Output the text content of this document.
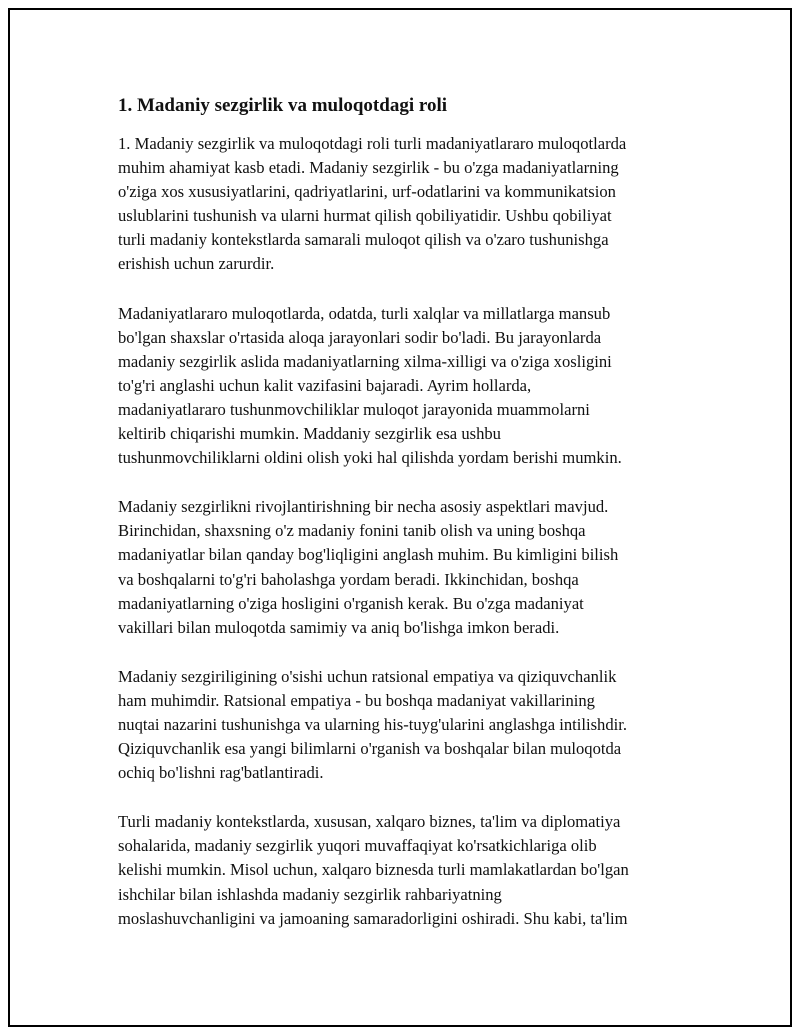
1. Madaniy sezgirlik va muloqotdagi roli

1. Madaniy sezgirlik va muloqotdagi roli turli madaniyatlararo muloqotlarda
muhim ahamiyat kasb etadi. Madaniy sezgirlik - bu o'zga madaniyatlarning
o'ziga xos xususiyatlarini, qadriyatlarini, urf-odatlarini va kommunikatsion
uslublarini tushunish va ularni hurmat qilish qobiliyatidir. Ushbu qobiliyat
turli madaniy kontekstlarda samarali muloqot qilish va o'zaro tushunishga
erishish uchun zarurdir.

Madaniyatlararo muloqotlarda, odatda, turli xalqlar va millatlarga mansub
bo'lgan shaxslar o'rtasida aloqa jarayonlari sodir bo'ladi. Bu jarayonlarda
madaniy sezgirlik aslida madaniyatlarning xilma-xilligi va o'ziga xosligini
to'g'ri anglashi uchun kalit vazifasini bajaradi. Ayrim hollarda,
madaniyatlararo tushunmovchiliklar muloqot jarayonida muammolarni
keltirib chiqarishi mumkin. Maddaniy sezgirlik esa ushbu
tushunmovchiliklarni oldini olish yoki hal qilishda yordam berishi mumkin.

Madaniy sezgirlikni rivojlantirishning bir necha asosiy aspektlari mavjud.
Birinchidan, shaxsning o'z madaniy fonini tanib olish va uning boshqa
madaniyatlar bilan qanday bog'liqligini anglash muhim. Bu kimligini bilish
va boshqalarni to'g'ri baholashga yordam beradi. Ikkinchidan, boshqa
madaniyatlarning o'ziga hosligini o'rganish kerak. Bu o'zga madaniyat
vakillari bilan muloqotda samimiy va aniq bo'lishga imkon beradi.

Madaniy sezgiriligining o'sishi uchun ratsional empatiya va qiziquvchanlik
ham muhimdir. Ratsional empatiya - bu boshqa madaniyat vakillarining
nuqtai nazarini tushunishga va ularning his-tuyg'ularini anglashga intilishdir.
Qiziquvchanlik esa yangi bilimlarni o'rganish va boshqalar bilan muloqotda
ochiq bo'lishni rag'batlantiradi.

Turli madaniy kontekstlarda, xususan, xalqaro biznes, ta'lim va diplomatiya
sohalarida, madaniy sezgirlik yuqori muvaffaqiyat ko'rsatkichlariga olib
kelishi mumkin. Misol uchun, xalqaro biznesda turli mamlakatlardan bo'lgan
ishchilar bilan ishlashda madaniy sezgirlik rahbariyatning
moslashuvchanligini va jamoaning samaradorligini oshiradi. Shu kabi, ta'lim
